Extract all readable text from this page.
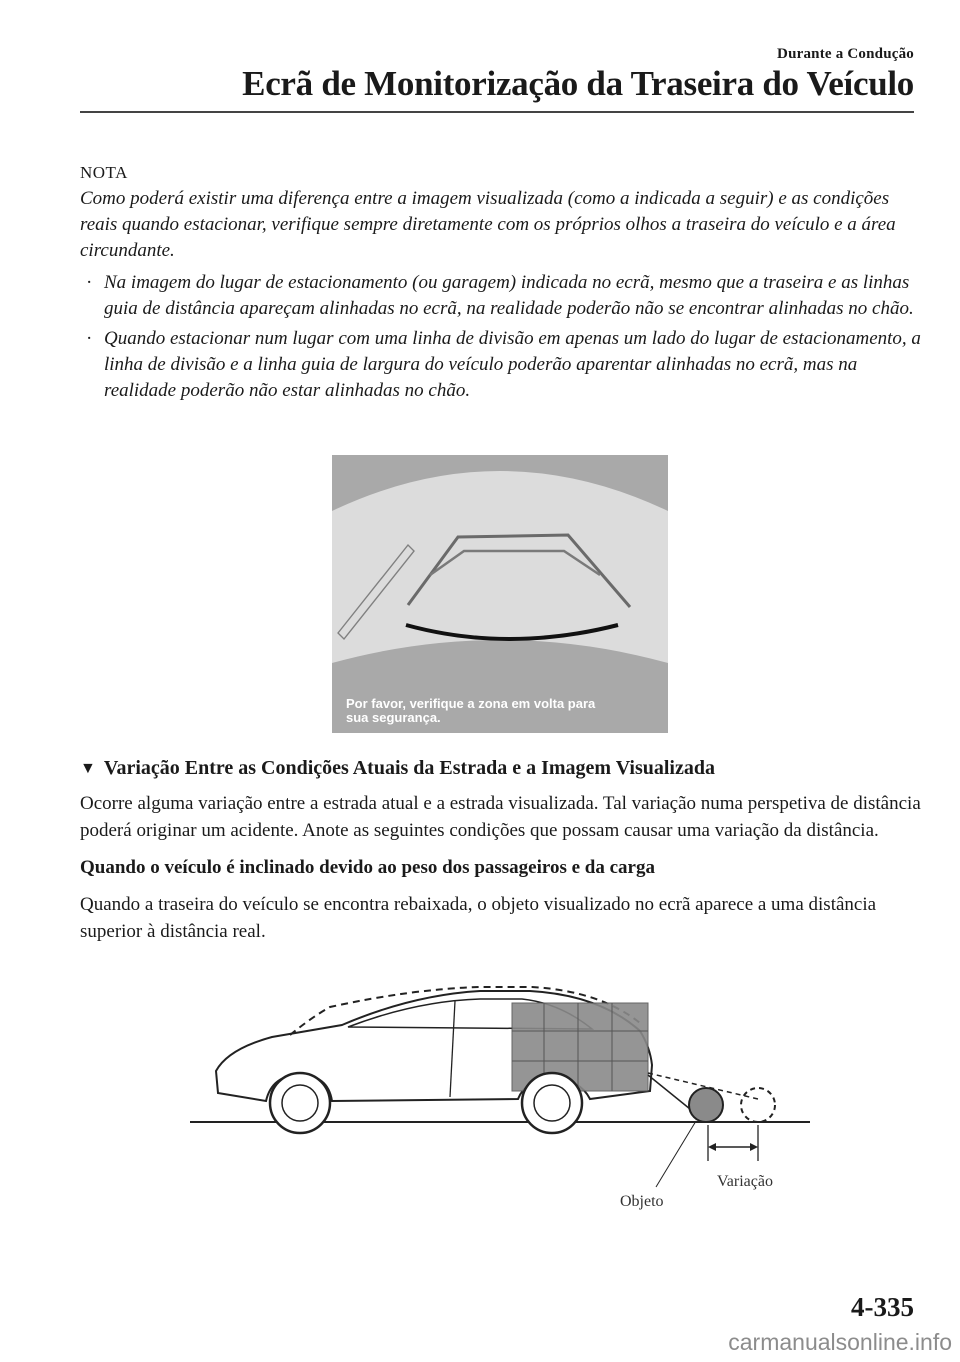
Durante a Condução
Ecrã de Monitorização da Traseira do Veículo
NOTA

Como poderá existir uma diferença entre a imagem visualizada (como a indicada a seguir) e as condições reais quando estacionar, verifique sempre diretamente com os próprios olhos a traseira do veículo e a área circundante.

· Na imagem do lugar de estacionamento (ou garagem) indicada no ecrã, mesmo que a traseira e as linhas guia de distância apareçam alinhadas no ecrã, na realidade poderão não se encontrar alinhadas no chão.
· Quando estacionar num lugar com uma linha de divisão em apenas um lado do lugar de estacionamento, a linha de divisão e a linha guia de largura do veículo poderão aparentar alinhadas no ecrã, mas na realidade poderão não estar alinhadas no chão.
Por favor, verifique a zona em volta para
sua segurança.
▼ Variação Entre as Condições Atuais da Estrada e a Imagem Visualizada

Ocorre alguma variação entre a estrada atual e a estrada visualizada. Tal variação numa perspetiva de distância poderá originar um acidente. Anote as seguintes condições que possam causar uma variação da distância.

Quando o veículo é inclinado devido ao peso dos passageiros e da carga

Quando a traseira do veículo se encontra rebaixada, o objeto visualizado no ecrã aparece a uma distância superior à distância real.

Variação
Objeto
4-335
carmanualsonline.info
